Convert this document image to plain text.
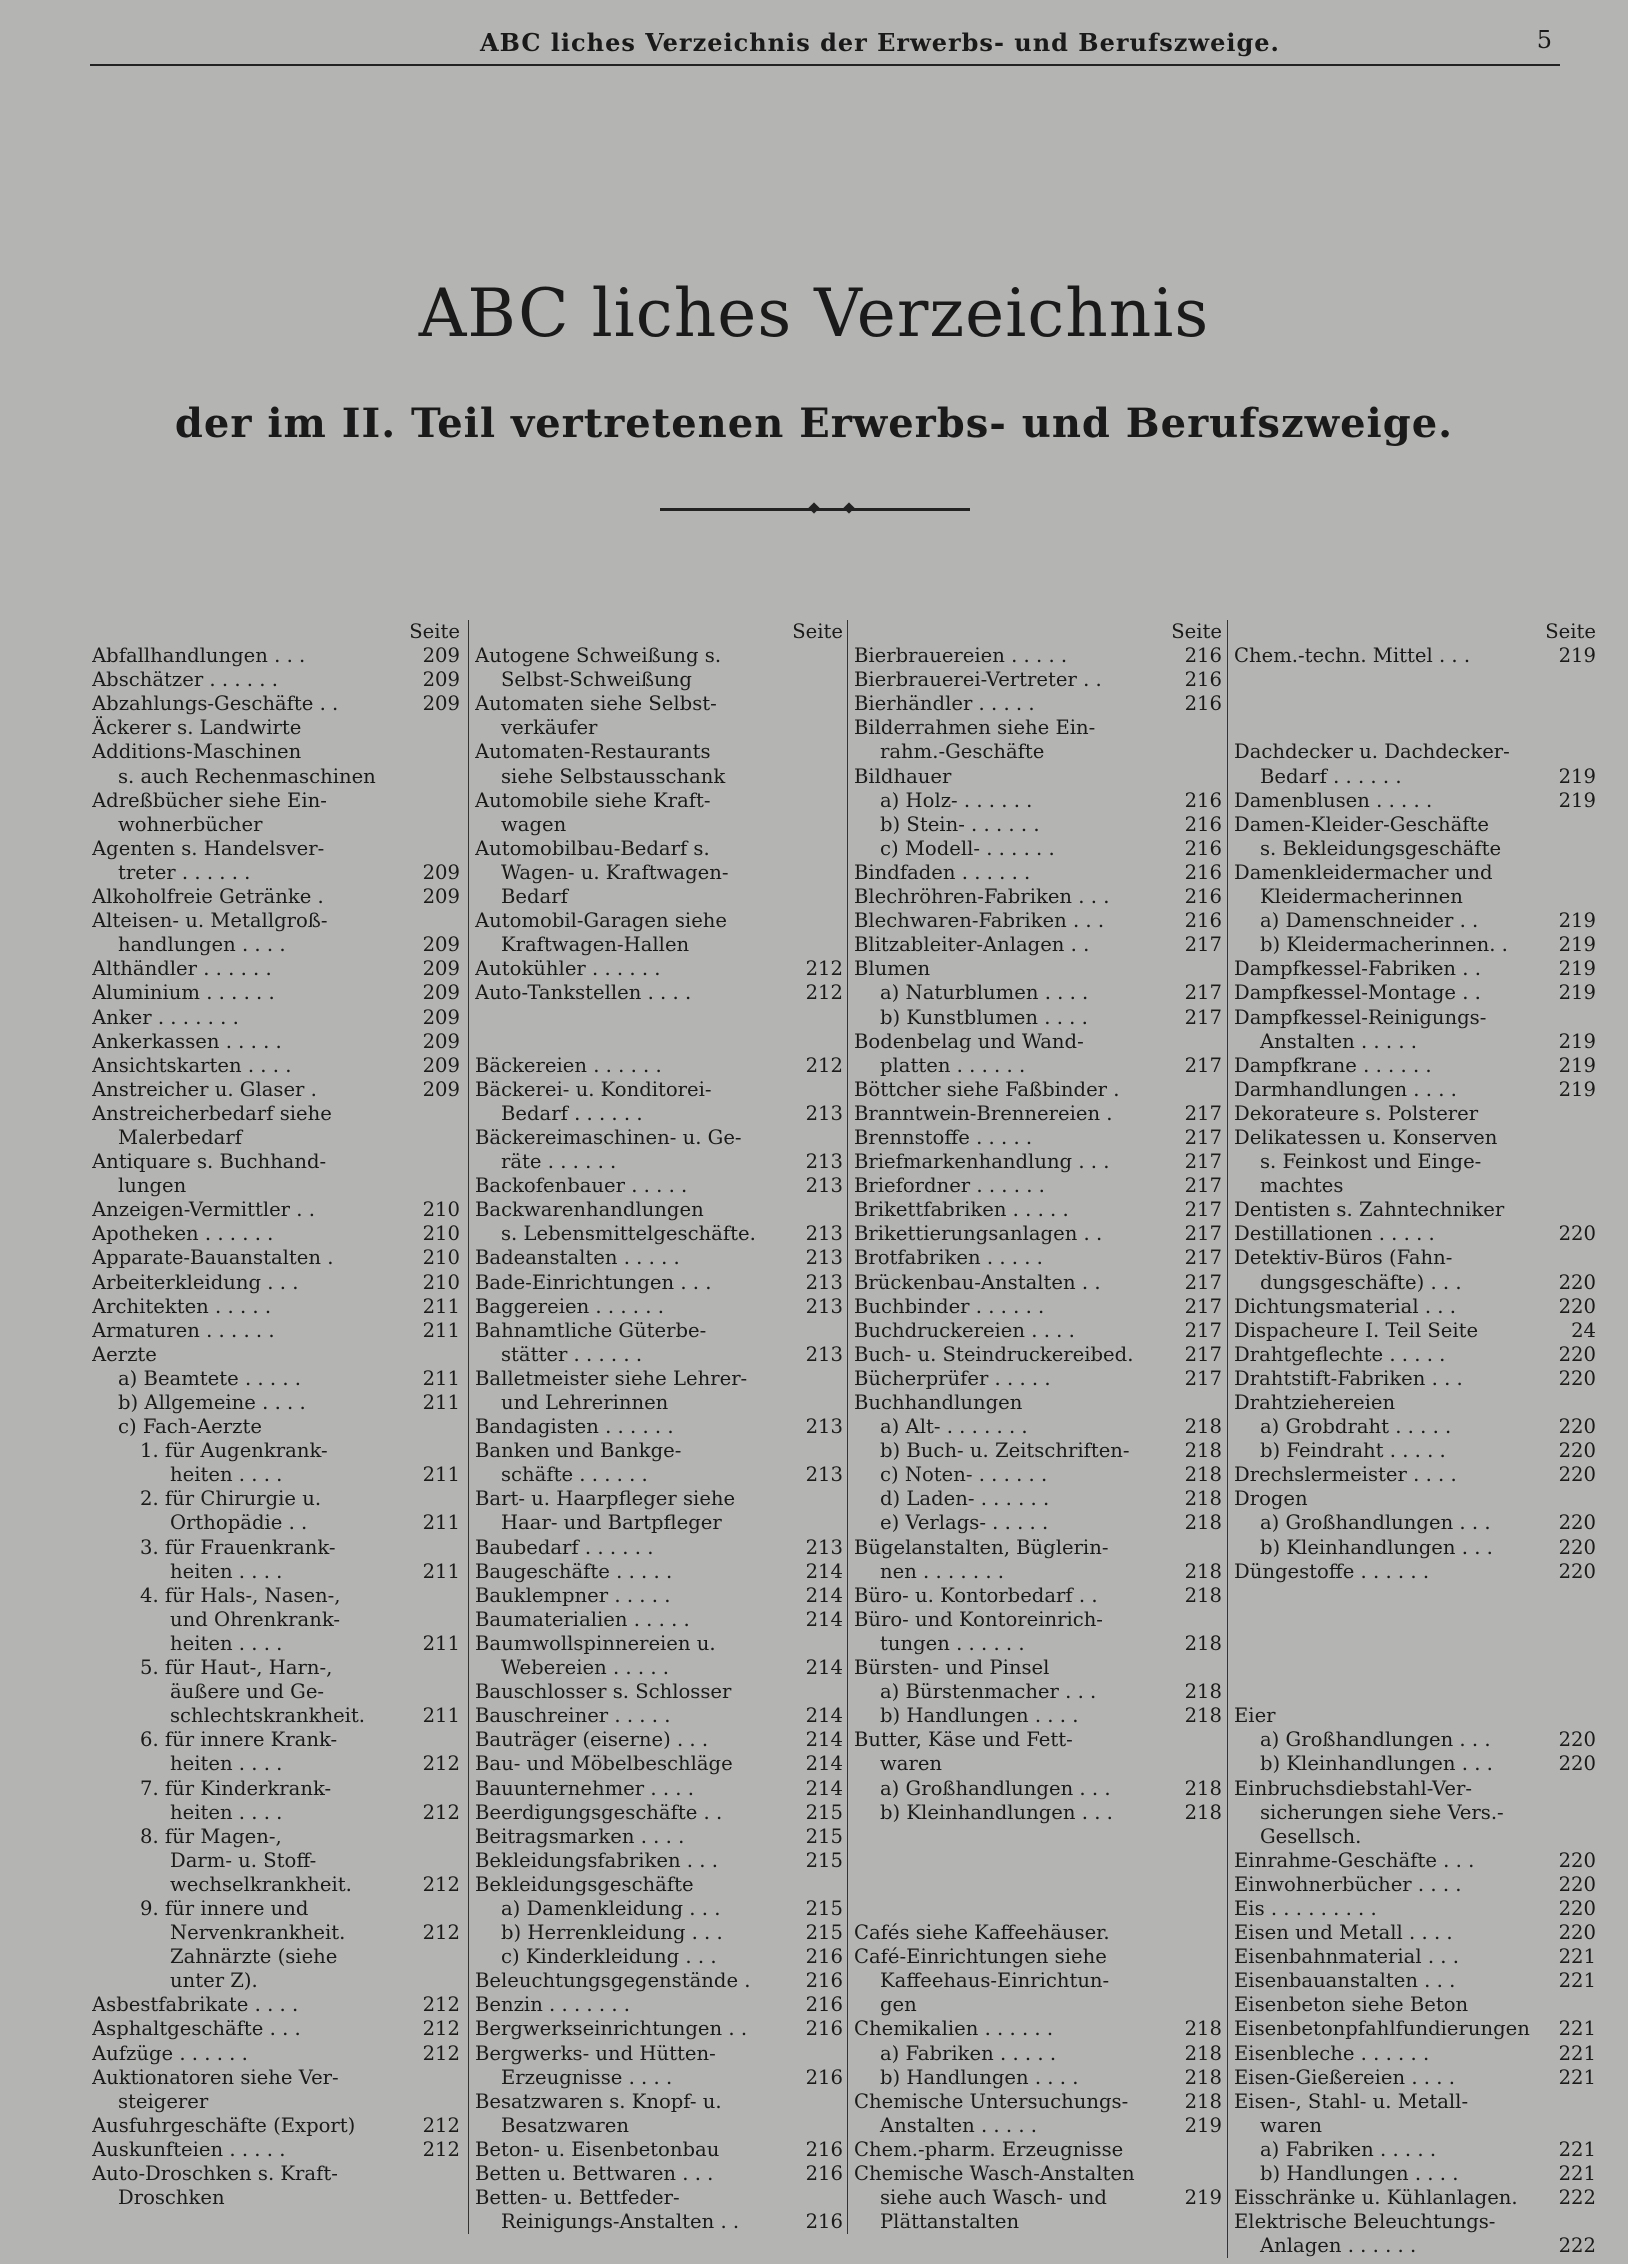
ABC liches Verzeichnis der Erwerbs- und Berufszweige.	5
ABC liches Verzeichnis
der im II. Teil vertretenen Erwerbs- und Berufszweige.
Seite
Abfallhandlungen . . .	209
Abschätzer . . . . . .	209
Abzahlungs-Geschäfte . .	209
Äckerer s. Landwirte
Additions-Maschinen
s. auch Rechenmaschinen
Adreßbücher siehe Ein-
wohnerbücher
Agenten s. Handelsver-
treter . . . . . .	209
Alkoholfreie Getränke .	209
Alteisen- u. Metallgroß-
handlungen . . . .	209
Althändler . . . . . .	209
Aluminium . . . . . .	209
Anker . . . . . . .	209
Ankerkassen . . . . .	209
Ansichtskarten . . . .	209
Anstreicher u. Glaser .	209
Anstreicherbedarf siehe
Malerbedarf
Antiquare s. Buchhand-
lungen
Anzeigen-Vermittler . .	210
Apotheken . . . . . .	210
Apparate-Bauanstalten .	210
Arbeiterkleidung . . .	210
Architekten . . . . .	211
Armaturen . . . . . .	211
Aerzte
a) Beamtete . . . . .	211
b) Allgemeine . . . .	211
c) Fach-Aerzte
1. für Augenkrank-
heiten . . . .	211
2. für Chirurgie u.
Orthopädie . .	211
3. für Frauenkrank-
heiten . . . .	211
4. für Hals-, Nasen-,
und Ohrenkrank-
heiten . . . .	211
5. für Haut-, Harn-,
äußere und Ge-
schlechtskrankheit.	211
6. für innere Krank-
heiten . . . .	212
7. für Kinderkrank-
heiten . . . .	212
8. für Magen-,
Darm- u. Stoff-
wechselkrankheit.	212
9. für innere und
Nervenkrankheit.	212
Zahnärzte (siehe
unter Z).
Asbestfabrikate . . . .	212
Asphaltgeschäfte . . .	212
Aufzüge . . . . . .	212
Auktionatoren siehe Ver-
steigerer
Ausfuhrgeschäfte (Export)	212
Auskunfteien . . . . .	212
Auto-Droschken s. Kraft-
Droschken
Seite
Autogene Schweißung s.
Selbst-Schweißung
Automaten siehe Selbst-
verkäufer
Automaten-Restaurants
siehe Selbstausschank
Automobile siehe Kraft-
wagen
Automobilbau-Bedarf s.
Wagen- u. Kraftwagen-
Bedarf
Automobil-Garagen siehe
Kraftwagen-Hallen
Autokühler . . . . . .	212
Auto-Tankstellen . . . .	212
Bäckereien . . . . . .	212
Bäckerei- u. Konditorei-
Bedarf . . . . . .	213
Bäckereimaschinen- u. Ge-
räte . . . . . .	213
Backofenbauer . . . . .	213
Backwarenhandlungen
s. Lebensmittelgeschäfte.	213
Badeanstalten . . . . .	213
Bade-Einrichtungen . . .	213
Baggereien . . . . . .	213
Bahnamtliche Güterbe-
stätter . . . . . .	213
Balletmeister siehe Lehrer-
und Lehrerinnen
Bandagisten . . . . . .	213
Banken und Bankge-
schäfte . . . . . .	213
Bart- u. Haarpfleger siehe
Haar- und Bartpfleger
Baubedarf . . . . . .	213
Baugeschäfte . . . . .	214
Bauklempner . . . . .	214
Baumaterialien . . . . .	214
Baumwollspinnereien u.
Webereien . . . . .	214
Bauschlosser s. Schlosser
Bauschreiner . . . . .	214
Bauträger (eiserne) . . .	214
Bau- und Möbelbeschläge	214
Bauunternehmer . . . .	214
Beerdigungsgeschäfte . .	215
Beitragsmarken . . . .	215
Bekleidungsfabriken . . .	215
Bekleidungsgeschäfte
a) Damenkleidung . . .	215
b) Herrenkleidung . . .	215
c) Kinderkleidung . . .	216
Beleuchtungsgegenstände .	216
Benzin . . . . . . .	216
Bergwerkseinrichtungen . .	216
Bergwerks- und Hütten-
Erzeugnisse . . . .	216
Besatzwaren s. Knopf- u.
Besatzwaren
Beton- u. Eisenbetonbau	216
Betten u. Bettwaren . . .	216
Betten- u. Bettfeder-
Reinigungs-Anstalten . .	216
Seite
Bierbrauereien . . . . .	216
Bierbrauerei-Vertreter . .	216
Bierhändler . . . . .	216
Bilderrahmen siehe Ein-
rahm.-Geschäfte
Bildhauer
a) Holz- . . . . . .	216
b) Stein- . . . . . .	216
c) Modell- . . . . . .	216
Bindfaden . . . . . .	216
Blechröhren-Fabriken . . .	216
Blechwaren-Fabriken . . .	216
Blitzableiter-Anlagen . .	217
Blumen
a) Naturblumen . . . .	217
b) Kunstblumen . . . .	217
Bodenbelag und Wand-
platten . . . . . .	217
Böttcher siehe Faßbinder .
Branntwein-Brennereien .	217
Brennstoffe . . . . .	217
Briefmarkenhandlung . . .	217
Briefordner . . . . . .	217
Brikettfabriken . . . . .	217
Brikettierungsanlagen . .	217
Brotfabriken . . . . .	217
Brückenbau-Anstalten . .	217
Buchbinder . . . . . .	217
Buchdruckereien . . . .	217
Buch- u. Steindruckereibed.	217
Bücherprüfer . . . . .	217
Buchhandlungen
a) Alt- . . . . . . .	218
b) Buch- u. Zeitschriften-	218
c) Noten- . . . . . .	218
d) Laden- . . . . . .	218
e) Verlags- . . . . .	218
Bügelanstalten, Büglerin-
nen . . . . . . .	218
Büro- u. Kontorbedarf . .	218
Büro- und Kontoreinrich-
tungen . . . . . .	218
Bürsten- und Pinsel
a) Bürstenmacher . . .	218
b) Handlungen . . . .	218
Butter, Käse und Fett-
waren
a) Großhandlungen . . .	218
b) Kleinhandlungen . . .	218
Cafés siehe Kaffeehäuser.
Café-Einrichtungen siehe
Kaffeehaus-Einrichtun-
gen
Chemikalien . . . . . .	218
a) Fabriken . . . . .	218
b) Handlungen . . . .	218
Chemische Untersuchungs-	218
Anstalten . . . . .	219
Chem.-pharm. Erzeugnisse
Chemische Wasch-Anstalten
siehe auch Wasch- und	219
Plättanstalten
Seite
Chem.-techn. Mittel . . .	219
Dachdecker u. Dachdecker-
Bedarf . . . . . .	219
Damenblusen . . . . .	219
Damen-Kleider-Geschäfte
s. Bekleidungsgeschäfte
Damenkleidermacher und
Kleidermacherinnen
a) Damenschneider . .	219
b) Kleidermacherinnen. .	219
Dampfkessel-Fabriken . .	219
Dampfkessel-Montage . .	219
Dampfkessel-Reinigungs-
Anstalten . . . . .	219
Dampfkrane . . . . . .	219
Darmhandlungen . . . .	219
Dekorateure s. Polsterer
Delikatessen u. Konserven
s. Feinkost und Einge-
machtes
Dentisten s. Zahntechniker
Destillationen . . . . .	220
Detektiv-Büros (Fahn-
dungsgeschäfte) . . .	220
Dichtungsmaterial . . .	220
Dispacheure I. Teil Seite	24
Drahtgeflechte . . . . .	220
Drahtstift-Fabriken . . .	220
Drahtziehereien
a) Grobdraht . . . . .	220
b) Feindraht . . . . .	220
Drechslermeister . . . .	220
Drogen
a) Großhandlungen . . .	220
b) Kleinhandlungen . . .	220
Düngestoffe . . . . . .	220
Eier
a) Großhandlungen . . .	220
b) Kleinhandlungen . . .	220
Einbruchsdiebstahl-Ver-
sicherungen siehe Vers.-
Gesellsch.
Einrahme-Geschäfte . . .	220
Einwohnerbücher . . . .	220
Eis . . . . . . . . .	220
Eisen und Metall . . . .	220
Eisenbahnmaterial . . .	221
Eisenbauanstalten . . .	221
Eisenbeton siehe Beton
Eisenbetonpfahlfundierungen	221
Eisenbleche . . . . . .	221
Eisen-Gießereien . . . .	221
Eisen-, Stahl- u. Metall-
waren
a) Fabriken . . . . .	221
b) Handlungen . . . .	221
Eisschränke u. Kühlanlagen.	222
Elektrische Beleuchtungs-
Anlagen . . . . . .	222
